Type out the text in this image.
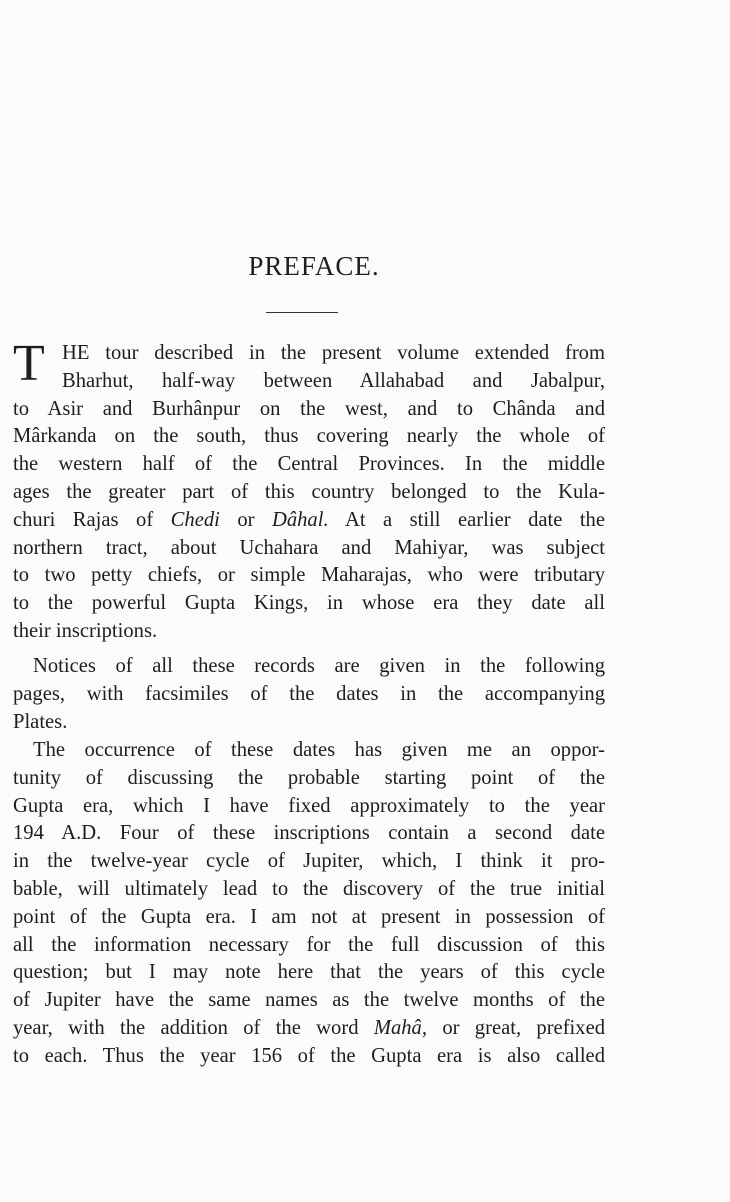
PREFACE.
T HE tour described in the present volume extended from
Bharhut, half-way between Allahabad and Jabalpur,
to Asir and Burhânpur on the west, and to Chânda and
Mârkanda on the south, thus covering nearly the whole of
the western half of the Central Provinces. In the middle
ages the greater part of this country belonged to the Kula-
churi Rajas of Chedi or Dâhal. At a still earlier date the
northern tract, about Uchahara and Mahiyar, was subject
to two petty chiefs, or simple Maharajas, who were tributary
to the powerful Gupta Kings, in whose era they date all
their inscriptions.
Notices of all these records are given in the following
pages, with facsimiles of the dates in the accompanying
Plates.
The occurrence of these dates has given me an oppor-
tunity of discussing the probable starting point of the
Gupta era, which I have fixed approximately to the year
194 A.D. Four of these inscriptions contain a second date
in the twelve-year cycle of Jupiter, which, I think it pro-
bable, will ultimately lead to the discovery of the true initial
point of the Gupta era. I am not at present in possession of
all the information necessary for the full discussion of this
question; but I may note here that the years of this cycle
of Jupiter have the same names as the twelve months of the
year, with the addition of the word Mahâ, or great, prefixed
to each. Thus the year 156 of the Gupta era is also called
